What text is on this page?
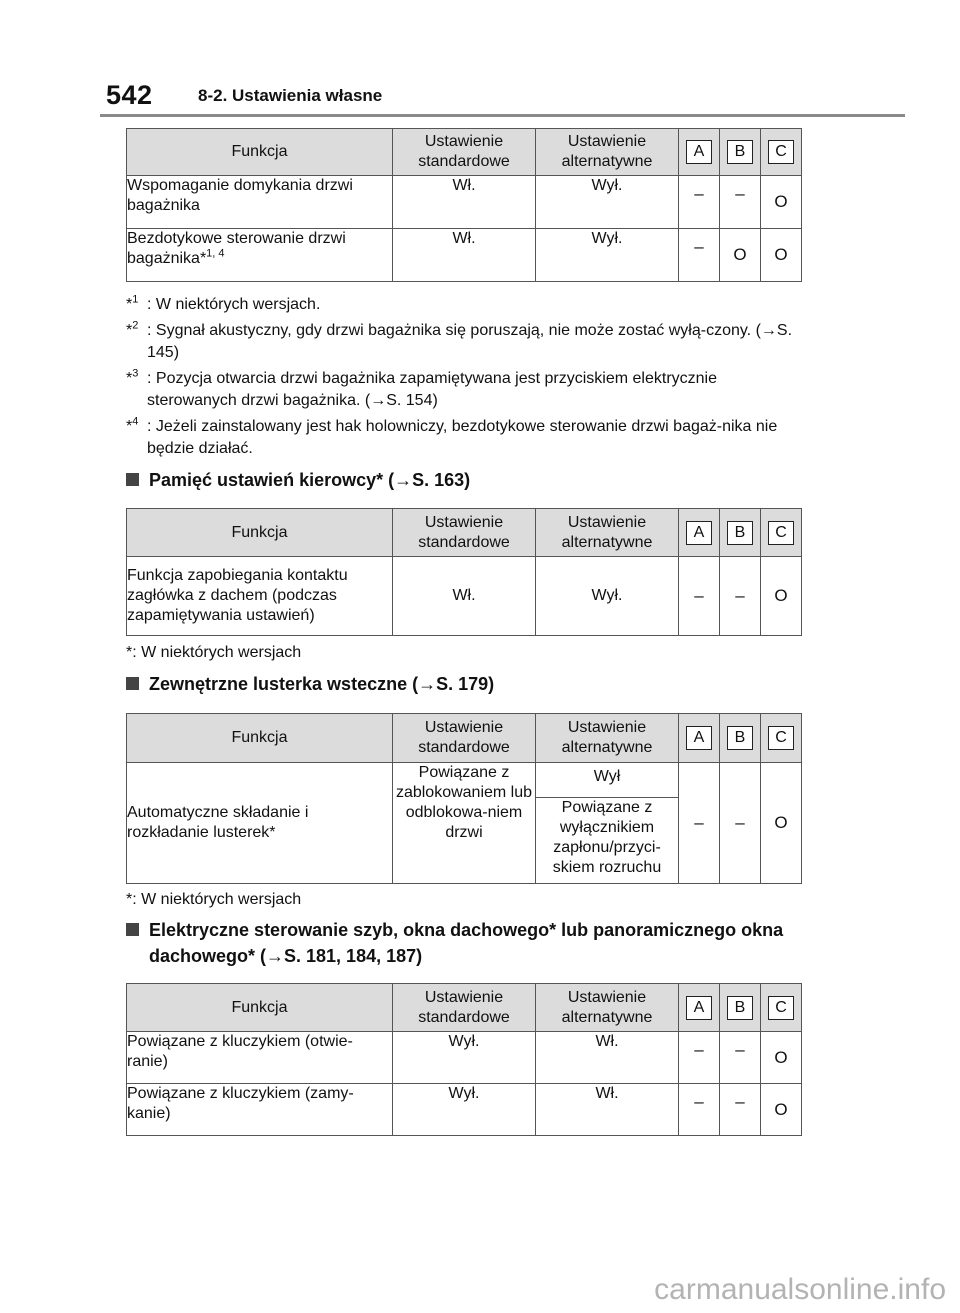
542	8-2. Ustawienia własne
Funkcja	Ustawienie standardowe	Ustawienie alternatywne	A	B	C
Wspomaganie domykania drzwi bagażnika	Wł.	Wył.	–	–	O
Bezdotykowe sterowanie drzwi bagażnika*$^{1, 4}$	Wł.	Wył.	–	O	O
*$^1$ : W niektórych wersjach.
*$^2$ : Sygnał akustyczny, gdy drzwi bagażnika się poruszają, nie może zostać wyłą-czony. (→S. 145)
*$^3$ : Pozycja otwarcia drzwi bagażnika zapamiętywana jest przyciskiem elektrycznie sterowanych drzwi bagażnika. (→S. 154)
*$^4$ : Jeżeli zainstalowany jest hak holowniczy, bezdotykowe sterowanie drzwi bagaż-nika nie będzie działać.
Pamięć ustawień kierowcy* (→S. 163)
Funkcja	Ustawienie standardowe	Ustawienie alternatywne	A	B	C
Funkcja zapobiegania kontaktu zagłówka z dachem (podczas zapamiętywania ustawień)	Wł.	Wył.	–	–	O
*: W niektórych wersjach
Zewnętrzne lusterka wsteczne (→S. 179)
Funkcja	Ustawienie standardowe	Ustawienie alternatywne	A	B	C
Automatyczne składanie i rozkładanie lusterek*	Powiązane z zablokowaniem lub odblokowa-niem drzwi	Wył	–	–	O
		Powiązane z wyłącznikiem zapłonu/przyci-skiem rozruchu			
*: W niektórych wersjach
Elektryczne sterowanie szyb, okna dachowego* lub panoramicznego okna dachowego* (→S. 181, 184, 187)
Funkcja	Ustawienie standardowe	Ustawienie alternatywne	A	B	C
Powiązane z kluczykiem (otwie-ranie)	Wył.	Wł.	–	–	O
Powiązane z kluczykiem (zamy-kanie)	Wył.	Wł.	–	–	O
carmanualsonline.info
